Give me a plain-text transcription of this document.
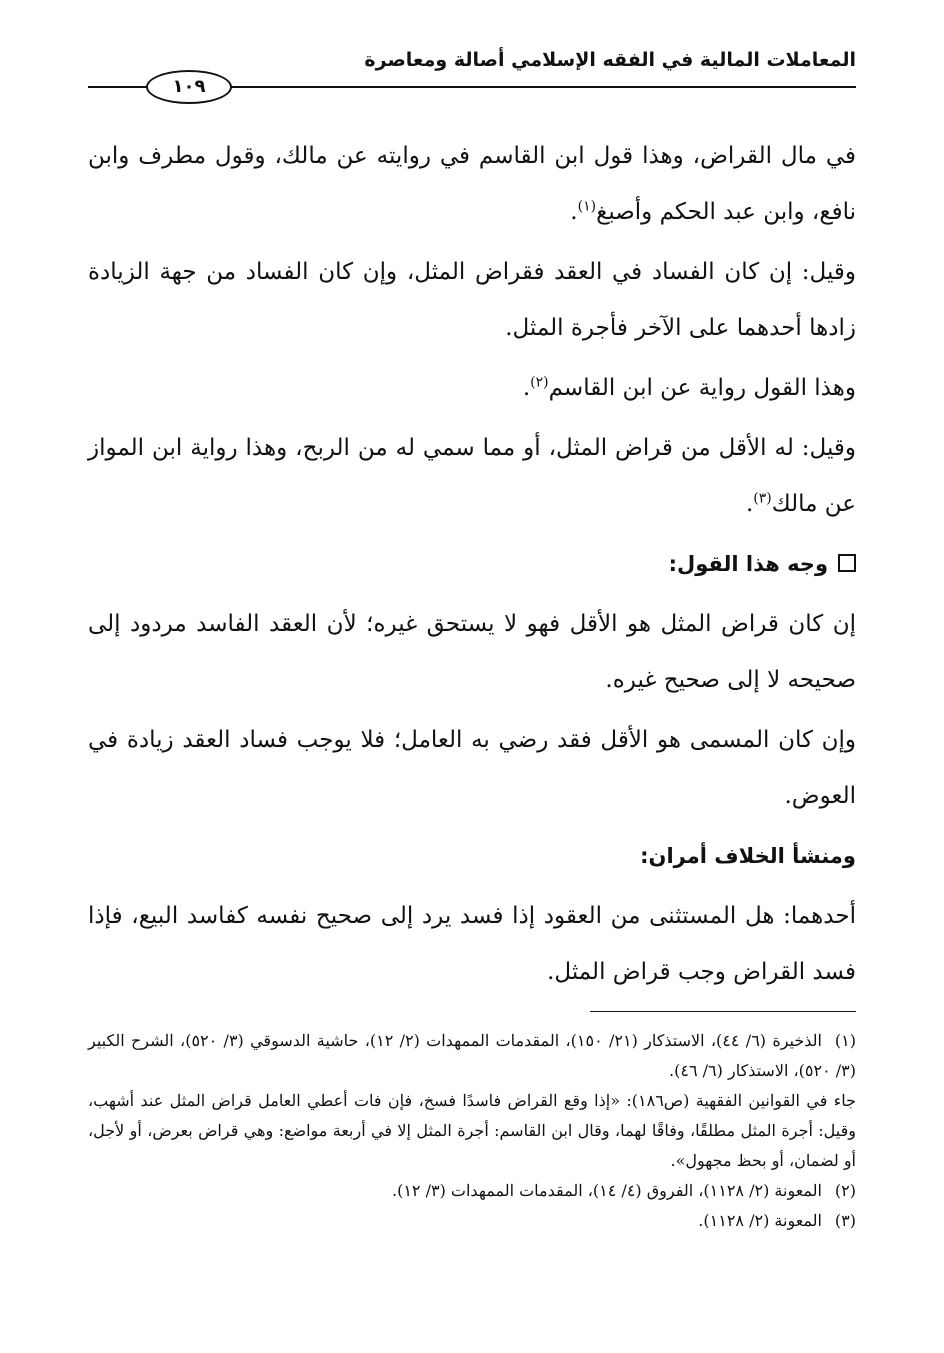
المعاملات المالية في الفقه الإسلامي أصالة ومعاصرة
١٠٩

في مال القراض، وهذا قول ابن القاسم في روايته عن مالك، وقول مطرف وابن نافع، وابن عبد الحكم وأصبغ$^{(١)}$.

وقيل: إن كان الفساد في العقد فقراض المثل، وإن كان الفساد من جهة الزيادة زادها أحدهما على الآخر فأجرة المثل.

وهذا القول رواية عن ابن القاسم$^{(٢)}$.

وقيل: له الأقل من قراض المثل، أو مما سمي له من الربح، وهذا رواية ابن المواز عن مالك$^{(٣)}$.

وجه هذا القول:

إن كان قراض المثل هو الأقل فهو لا يستحق غيره؛ لأن العقد الفاسد مردود إلى صحيحه لا إلى صحيح غيره.

وإن كان المسمى هو الأقل فقد رضي به العامل؛ فلا يوجب فساد العقد زيادة في العوض.

ومنشأ الخلاف أمران:

أحدهما: هل المستثنى من العقود إذا فسد يرد إلى صحيح نفسه كفاسد البيع، فإذا فسد القراض وجب قراض المثل.

(١)الذخيرة (٦/ ٤٤)، الاستذكار (٢١/ ١٥٠)، المقدمات الممهدات (٢/ ١٢)، حاشية الدسوقي (٣/ ٥٢٠)، الشرح الكبير (٣/ ٥٢٠)، الاستذكار (٦/ ٤٦).

جاء في القوانين الفقهية (ص١٨٦): «إذا وقع القراض فاسدًا فسخ، فإن فات أعطي العامل قراض المثل عند أشهب، وقيل: أجرة المثل مطلقًا، وفاقًا لهما، وقال ابن القاسم: أجرة المثل إلا في أربعة مواضع: وهي قراض بعرض، أو لأجل، أو لضمان، أو بحظ مجهول».

(٢)المعونة (٢/ ١١٢٨)، الفروق (٤/ ١٤)، المقدمات الممهدات (٣/ ١٢).

(٣)المعونة (٢/ ١١٢٨).
